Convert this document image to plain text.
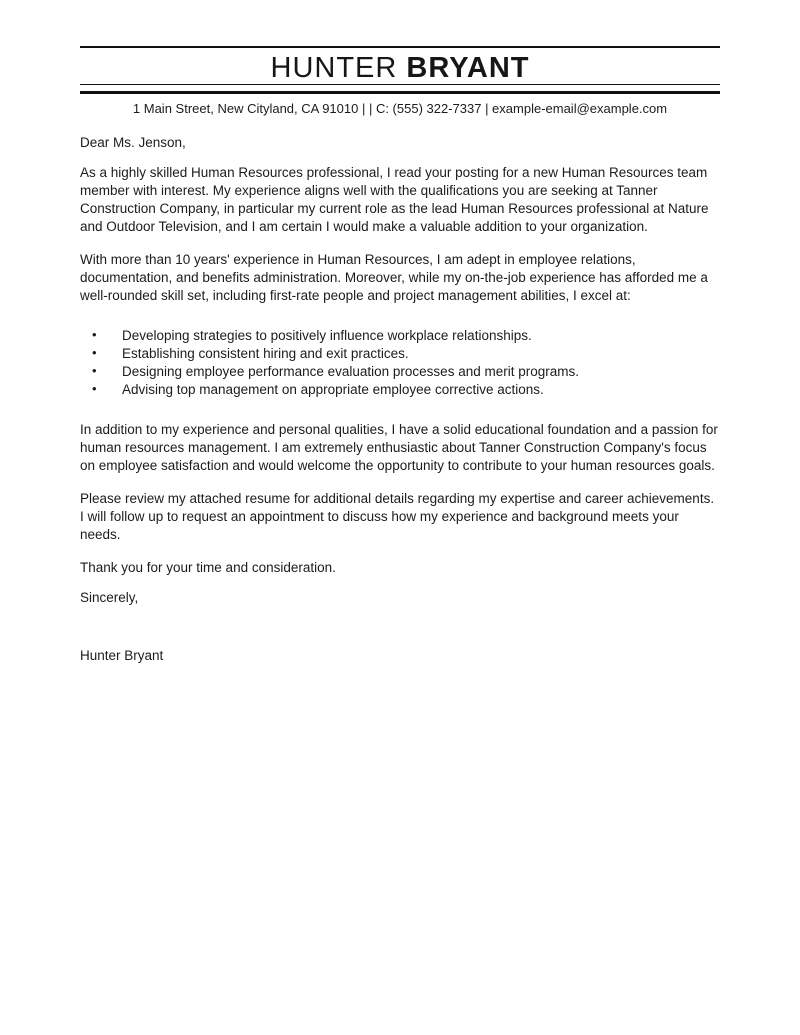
HUNTER BRYANT

1 Main Street, New Cityland, CA 91010 | | C: (555) 322-7337 | example-email@example.com

Dear Ms. Jenson,

As a highly skilled Human Resources professional, I read your posting for a new Human Resources team member with interest. My experience aligns well with the qualifications you are seeking at Tanner Construction Company, in particular my current role as the lead Human Resources professional at Nature and Outdoor Television, and I am certain I would make a valuable addition to your organization.

With more than 10 years' experience in Human Resources, I am adept in employee relations, documentation, and benefits administration. Moreover, while my on-the-job experience has afforded me a well-rounded skill set, including first-rate people and project management abilities, I excel at:

• Developing strategies to positively influence workplace relationships.
• Establishing consistent hiring and exit practices.
• Designing employee performance evaluation processes and merit programs.
• Advising top management on appropriate employee corrective actions.

In addition to my experience and personal qualities, I have a solid educational foundation and a passion for human resources management. I am extremely enthusiastic about Tanner Construction Company's focus on employee satisfaction and would welcome the opportunity to contribute to your human resources goals.

Please review my attached resume for additional details regarding my expertise and career achievements. I will follow up to request an appointment to discuss how my experience and background meets your needs.

Thank you for your time and consideration.

Sincerely,

Hunter Bryant
